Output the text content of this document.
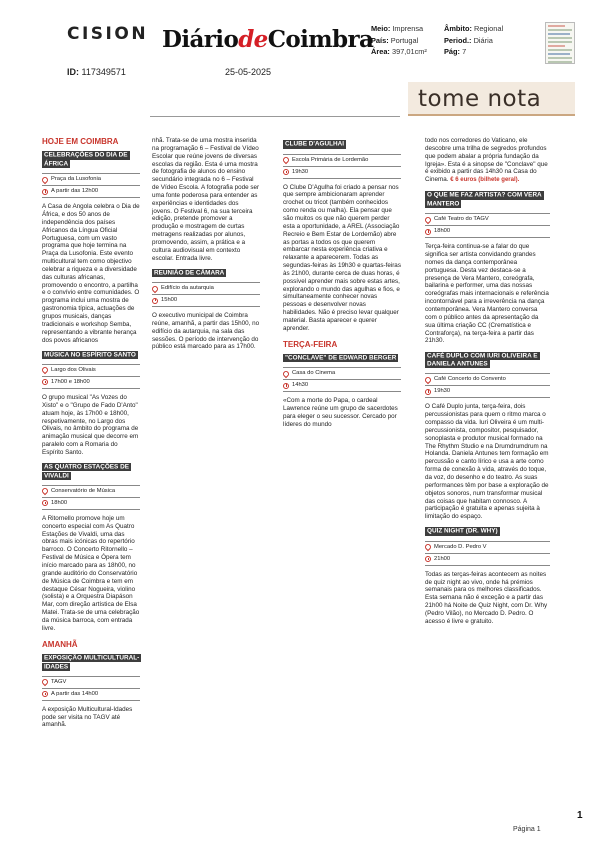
CISION DiáriodeCoimbra
Meio: Imprensa
País: Portugal
Área: 397,01cm²
Âmbito: Regional
Period.: Diária
Pág: 7
ID: 117349571	25-05-2025
tome nota
HOJE EM COIMBRA
CELEBRAÇÕES DO DIA DE ÁFRICA
Praça da Lusofonia
A partir das 12h00

A Casa de Angola celebra o Dia de África, e dos 50 anos de independência dos países Africanos da Língua Oficial Portuguesa, com um vasto programa que hoje termina na Praça da Lusofonia. Este evento multicultural tem como objectivo celebrar a riqueza e a diversidade das culturas africanas, promovendo o encontro, a partilha e o convívio entre comunidades. O programa inclui uma mostra de gastronomia típica, actuações de grupos musicais, danças tradicionais e workshop Semba, representando a vibrante herança dos povos africanos

MÚSICA NO ESPÍRITO SANTO
Largo dos Olivais
17h00 e 18h00

O grupo musical "As Vozes do Xisto" e o "Grupo de Fado D'Anto" atuam hoje, às 17h00 e 18h00, respetivamente, no Largo dos Olivais, no âmbito do programa de animação musical que decorre em paralelo com a Romaria do Espírito Santo.

AS QUATRO ESTAÇÕES DE VIVALDI
Conservatório de Música
18h00

A Ritornello promove hoje um concerto especial com As Quatro Estações de Vivaldi, uma das obras mais icónicas do repertório barroco. O Concerto Ritornello – Festival de Música e Ópera tem início marcado para as 18h00, no grande auditório do Conservatório de Música de Coimbra e tem em destaque César Nogueira, violino (solista) e a Orquestra Diapáson Mar, com direção artística de Elsa Matei. Trata-se de uma celebração da música barroca, com entrada livre.

AMANHÃ
EXPOSIÇÃO MULTICULTURAL-IDADES
TAGV
A partir das 14h00

A exposição Multicultural-Idades pode ser visita no TAGV até amanhã.

nhã. Trata-se de uma mostra inserida na programação 6 – Festival de Vídeo Escolar que reúne jovens de diversas escolas da região. Esta é uma mostra de fotografia de alunos do ensino secundário integrada no 6 – Festival de Vídeo Escola. A fotografia pode ser uma fonte poderosa para entender as experiências e identidades dos jovens. O Festival 6, na sua terceira edição, pretende promover a produção e mostragem de curtas metragens realizadas por alunos, promovendo, assim, a prática e a cultura audiovisual em contexto escolar. Entrada livre.

REUNIÃO DE CÂMARA
Edifício da autarquia
15h00

O executivo municipal de Coimbra reúne, amanhã, a partir das 15h00, no edifício da autarquia, na sala das sessões. O período de intervenção do público está marcado para as 17h00.

CLUBE D'AGULHAI
Escola Primária de Lordemão
19h30

O Clube D'Agulha foi criado a pensar nos que sempre ambicionaram aprender crochet ou tricot (também conhecidos como renda ou malha). Ela pensar que são muitos os que não querem perder esta a oportunidade, a AREL (Associação Recreio e Bem Estar de Lordemão) abre as portas a todos os que querem embarcar nesta experiência criativa e relaxante a aparecerem. Todas as segundas-feiras às 19h30 e quartas-feiras às 21h00, durante cerca de duas horas, é possível aprender mais sobre estas artes, explorando o mundo das agulhas e fios, e simultaneamente conhecer novas pessoas e desenvolver novas habilidades. Não é preciso levar qualquer material. Basta aparecer e querer aprender.

TERÇA-FEIRA
"CONCLAVE" DE EDWARD BERGER
Casa do Cinema
14h30

«Com a morte do Papa, o cardeal Lawrence reúne um grupo de sacerdotes para eleger o seu sucessor. Cercado por líderes do mundo

todo nos corredores do Vaticano, ele descobre uma trilha de segredos profundos que podem abalar a própria fundação da Igreja». Esta é a sinopse de "Conclave" que é exibido a partir das 14h30 na Casa do Cinema. € 6 euros (bilhete geral).

O QUE ME FAZ ARTISTA? COM VERA MANTERO
Café Teatro do TAGV
18h00

Terça-feira continua-se a falar do que significa ser artista convidando grandes nomes da dança contemporânea portuguesa. Desta vez destaca-se a presença de Vera Mantero, coreógrafa, bailarina e performer, uma das nossas coreógrafas mais internacionais e referência incontornável para a irreverência na dança contemporânea. Vera Mantero conversa com o público antes da apresentação da sua última criação CC (Crematística e Contraforça), na terça-feira a partir das 21h30.

CAFÉ DUPLO COM IURI OLIVEIRA E DANIELA ANTUNES
Café Concerto do Convento
19h30

O Café Duplo junta, terça-feira, dois percussionistas para quem o ritmo marca o compasso da vida. Iuri Oliveira é um multi-percussionista, compositor, pesquisador, sonoplasta e produtor musical formado na The Rhythm Studio e na Drumdrumdrum na Holanda. Daniela Antunes tem formação em percussão e canto lírico e usa a arte como forma de conexão à vida, através do toque, da voz, do desenho e do teatro. As suas performances têm por base a exploração de objetos sonoros, num transformar musical das coisas que habitam connosco. A participação é gratuita e apenas sujeita à limitação do espaço.

QUIZ NIGHT (DR. WHY)
Mercado D. Pedro V
21h00

Todas as terças-feiras acontecem as noites de quiz night ao vivo, onde há prémios semanais para os melhores classificados. Esta semana não é exceção e a partir das 21h00 há Noite de Quiz Night, com Dr. Why (Pedro Vilão), no Mercado D. Pedro. O acesso é livre e gratuito.

1
Página 1
